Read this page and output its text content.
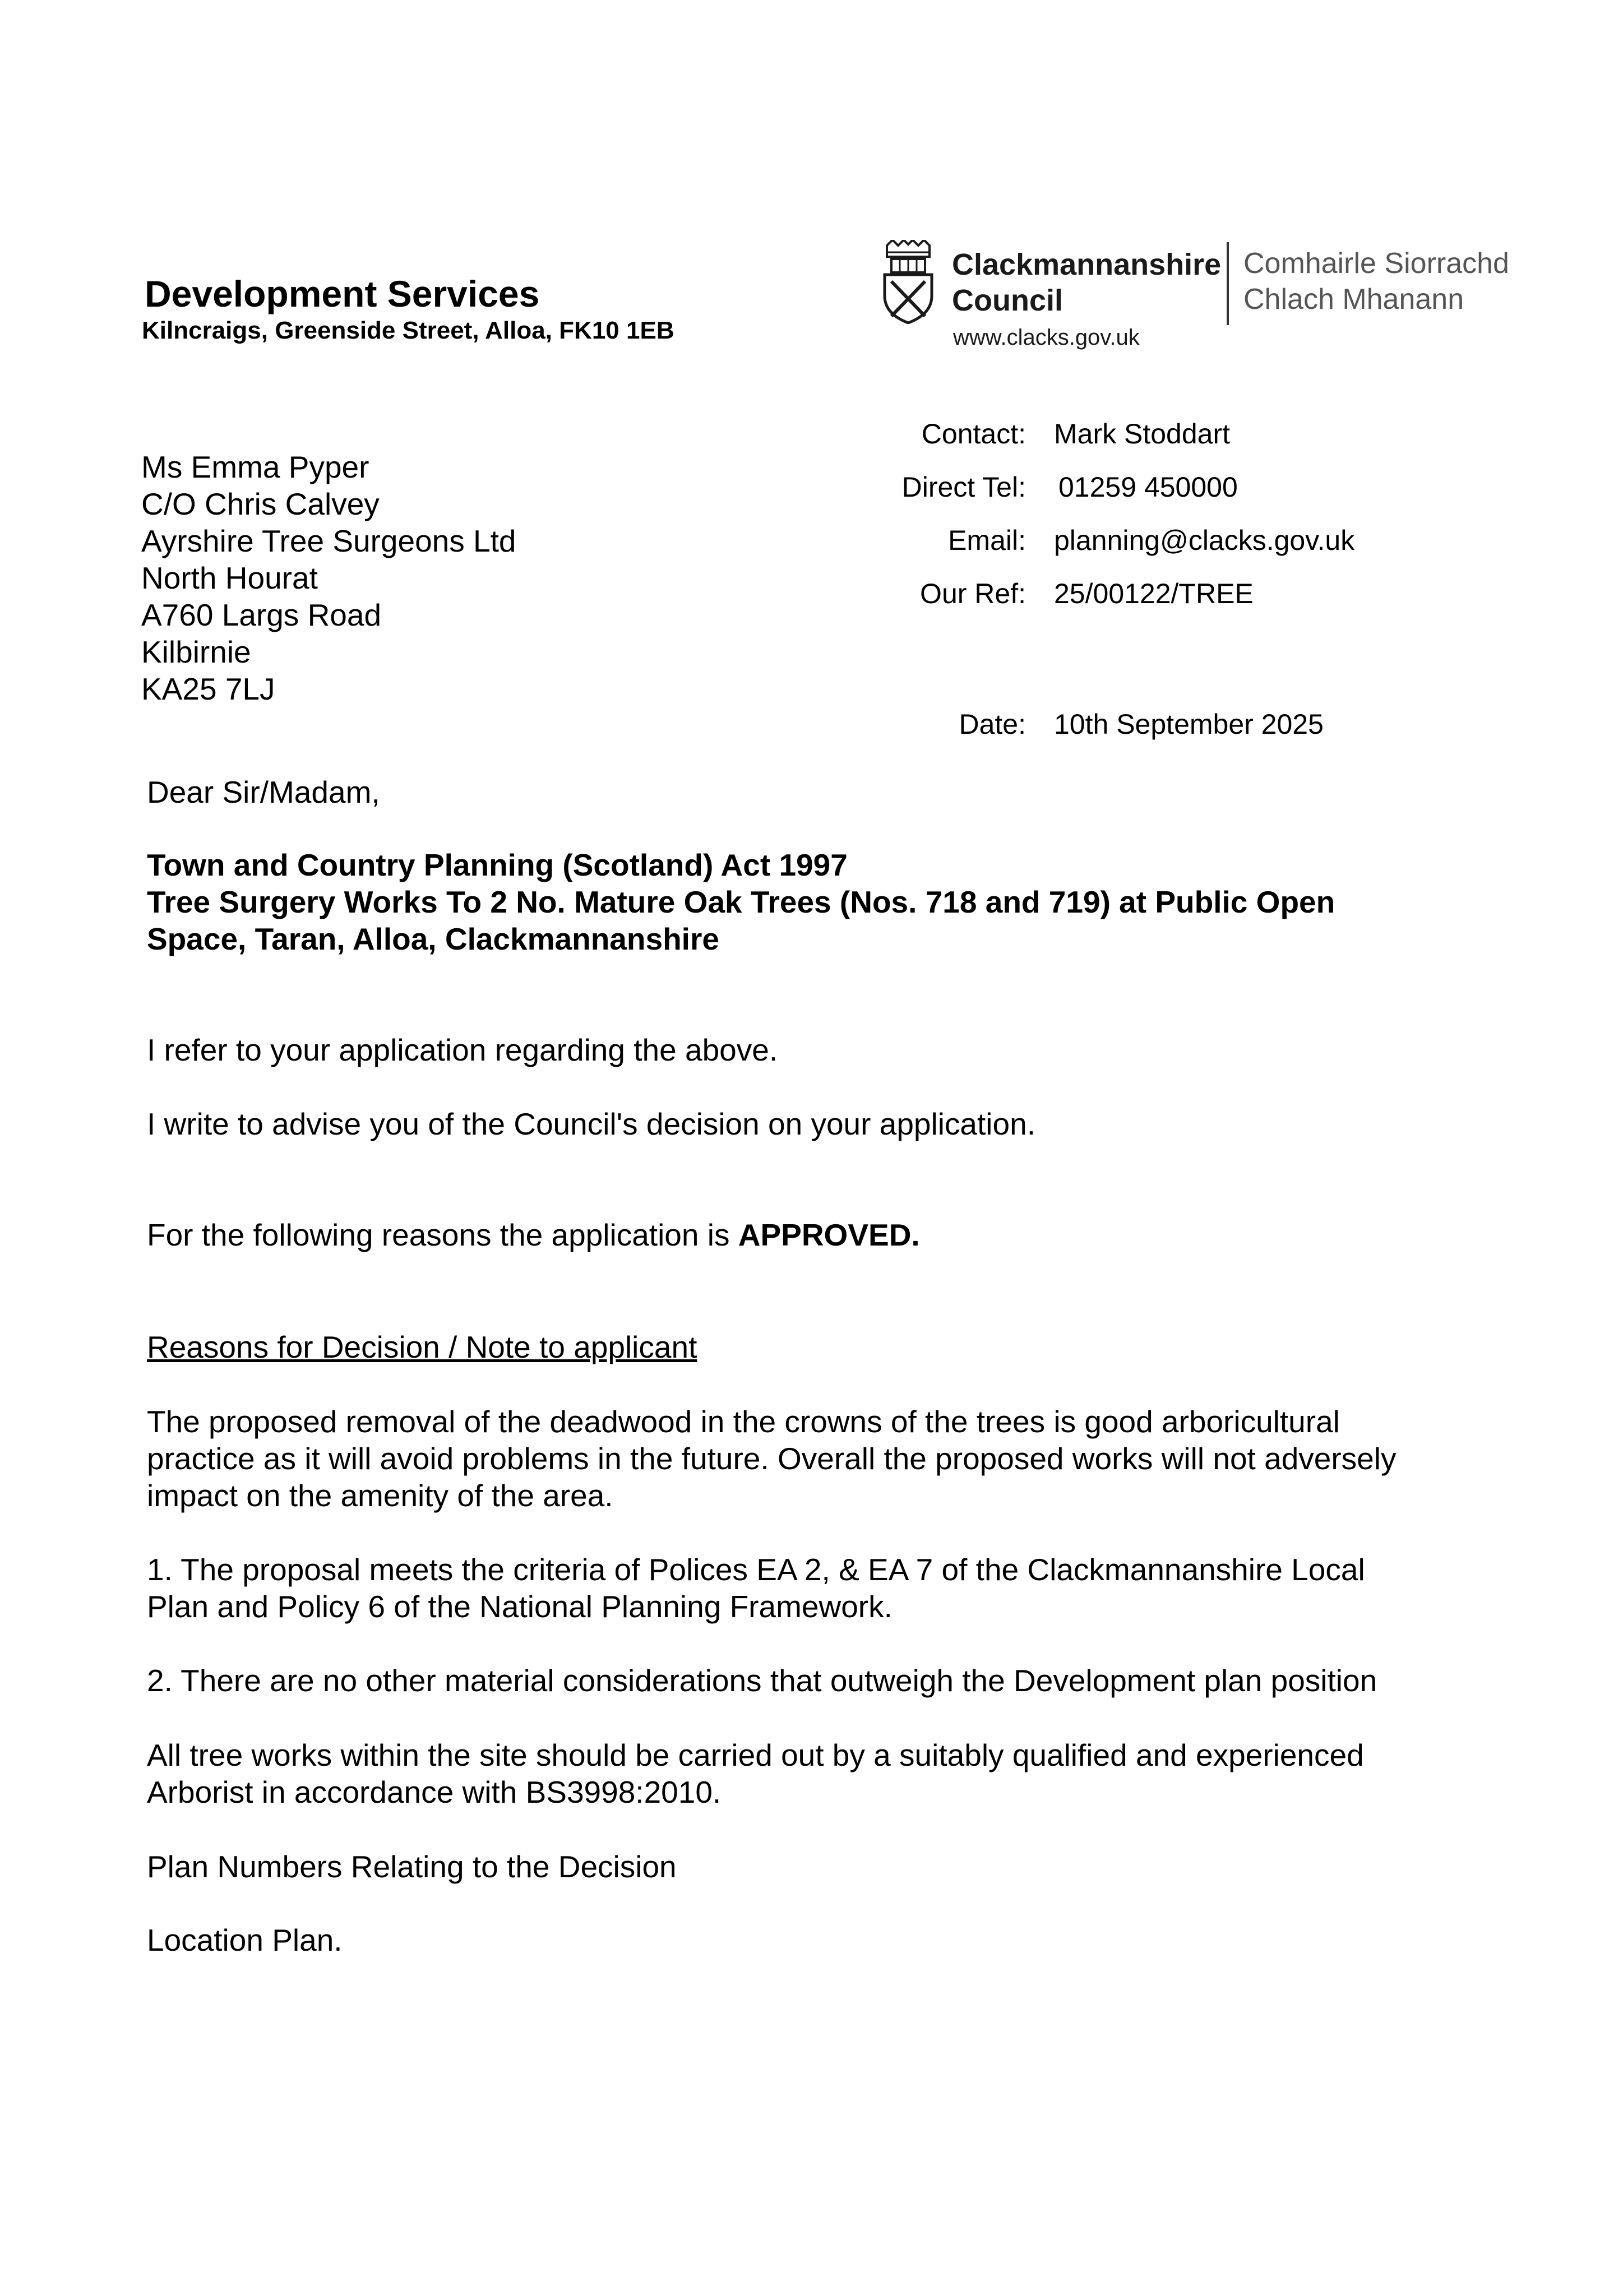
Development Services
Kilncraigs, Greenside Street, Alloa, FK10 1EB
Clackmannanshire
Council
Comhairle Siorrachd
Chlach Mhanann
www.clacks.gov.uk
Contact: Mark Stoddart
Direct Tel: 01259 450000
Email: planning@clacks.gov.uk
Our Ref: 25/00122/TREE
Date: 10th September 2025
Ms Emma Pyper
C/O Chris Calvey
Ayrshire Tree Surgeons Ltd
North Hourat
A760 Largs Road
Kilbirnie
KA25 7LJ
Dear Sir/Madam,
Town and Country Planning (Scotland) Act 1997
Tree Surgery Works To 2 No. Mature Oak Trees (Nos. 718 and 719) at Public Open
Space, Taran, Alloa, Clackmannanshire
I refer to your application regarding the above.
I write to advise you of the Council's decision on your application.
For the following reasons the application is APPROVED.
Reasons for Decision / Note to applicant
The proposed removal of the deadwood in the crowns of the trees is good arboricultural
practice as it will avoid problems in the future. Overall the proposed works will not adversely
impact on the amenity of the area.
1. The proposal meets the criteria of Polices EA 2, & EA 7 of the Clackmannanshire Local
Plan and Policy 6 of the National Planning Framework.
2. There are no other material considerations that outweigh the Development plan position
All tree works within the site should be carried out by a suitably qualified and experienced
Arborist in accordance with BS3998:2010.
Plan Numbers Relating to the Decision
Location Plan.
